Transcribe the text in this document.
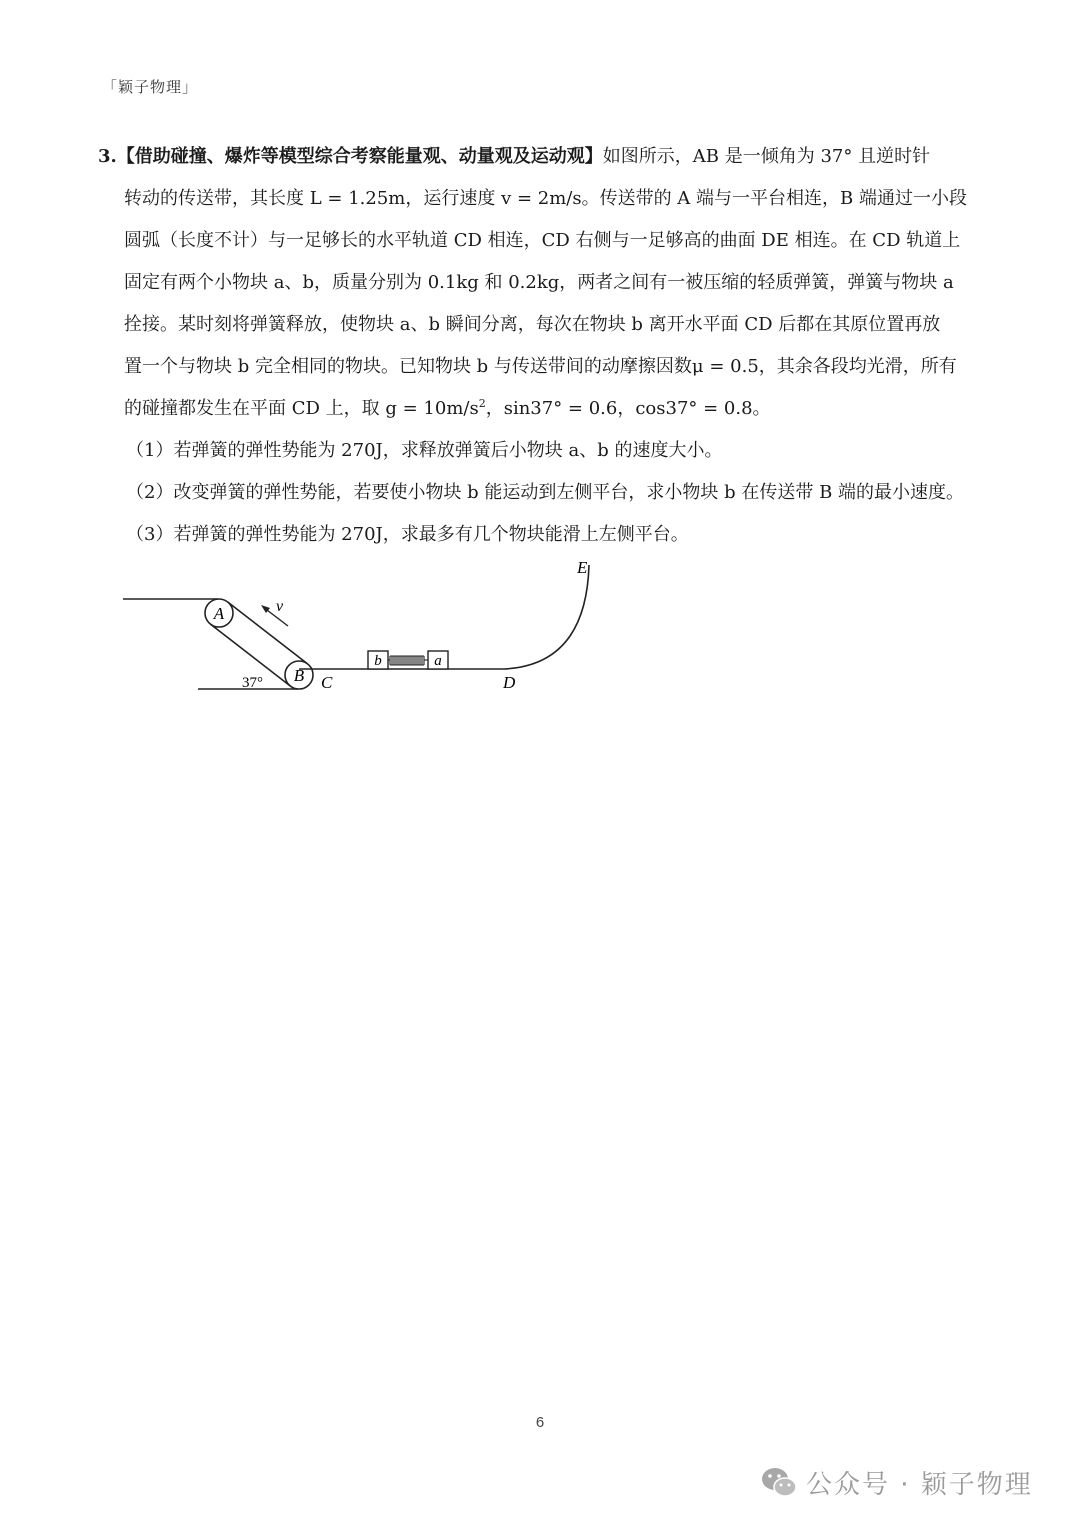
「颖子物理」
3.【借助碰撞、爆炸等模型综合考察能量观、动量观及运动观】如图所示，AB 是一倾角为 37° 且逆时针
转动的传送带，其长度 L = 1.25m，运行速度 v = 2m/s。传送带的 A 端与一平台相连，B 端通过一小段
圆弧（长度不计）与一足够长的水平轨道 CD 相连，CD 右侧与一足够高的曲面 DE 相连。在 CD 轨道上
固定有两个小物块 a、b，质量分别为 0.1kg 和 0.2kg，两者之间有一被压缩的轻质弹簧，弹簧与物块 a
拴接。某时刻将弹簧释放，使物块 a、b 瞬间分离，每次在物块 b 离开水平面 CD 后都在其原位置再放
置一个与物块 b 完全相同的物块。已知物块 b 与传送带间的动摩擦因数μ = 0.5，其余各段均光滑，所有
的碰撞都发生在平面 CD 上，取 $g = 10m/s^2$，sin37° = 0.6，cos37° = 0.8。
（1）若弹簧的弹性势能为 270J，求释放弹簧后小物块 a、b 的速度大小。
（2）改变弹簧的弹性势能，若要使小物块 b 能运动到左侧平台，求小物块 b 在传送带 B 端的最小速度。
（3）若弹簧的弹性势能为 270J，求最多有几个物块能滑上左侧平台。
A
B
v
37°	C	D
E
b	a
6
公众号 · 颖子物理
